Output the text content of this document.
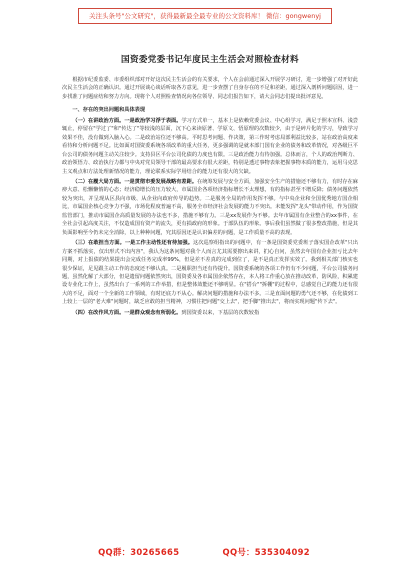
关注头条号"公文研究"，获得最新最全最专业的公文资料库！ 微信：gongwenyj
国资委党委书记年度民主生活会对照检查材料

根据市纪委监委、市委组织部对开好这次民主生活会的有关要求，个人在会前通过深入开展学习研讨，进一步增强了对开好此次民主生活会的正确认识。通过开展谈心谈话听取各方意见，进一步查摆了自身存在的不足和差距，通过深入剖析问题原因，进一步找准了问题症结和努力方向。现将个人对照检查情况向各位领导、同志们报告如下，请大会同志们提出批评意见。

一、存在的突出问题和具体表现

（一）在讲政治方面。一是政治学习浮于表面。学习方式单一，基本上是依赖党委会议、中心组学习，满足于照本宣科、浅尝辄止，停留在"学过了"和"传达了"等较浅的层面，沉下心来读原著、学原文、悟原理的次数较少，由于是碎片化的学习，导致学习效果不佳，没有做到入脑入心。二是政治站位还不够高。平时思考问题、作决策，第三作时考虑局部利益比较多，站在政治高度来看待和分析问题不足。比如面对国资委系统各项改革的重大任务，更多强调的是就本部门国有企业的债务和改革情况，对各级巨平台公司的债务问题主动关注较少。支持县区平台公司化债的力度也有限。三是政治能力有待加强。总体而言，个人的政治判断力、政治领悟力、政治执行力都与中央对党员领导干部的最高要求有很大差距，特别是透过事物表象把握事物本质的能力，运用马克思主义观点和方法处理新情况的能力，理论联系实际学用结合的能力还有很大的欠缺。

（二）在履大局方面。一是贯彻市委发展战略有差距。在统筹发展与安全方面，加强安全生产的措施还不够有力，有时存在麻痹大意、松懈懒惰的心态；经济稳增长的压力较大，市属国企各项经济指标增长不太理想，有的指标甚至不增反降；债务问题依然较为突出，并呈现从区县向市级、从企业向政府传导的趋势。二是服务全局的作用发挥不够。与中央企业和全国优秀地方国企相比，市属国企核心竞争力不强，市场化程度普遍不高，服务全市经济社会发展的能力不突出。未能发挥"龙头"带动作用，作为国资监管部门，推动市属国企高质量发展的办法也不多，措施不够有力。三是xx发展作为不够。去年市属国有企业整合的xx事件，在全社会引起高度关注，不仅造成国有资产的流失，更有损政府的形象。于部队伍的形象。事后我们虽然做了很多整改措施，但是其负面影响至今仍未完全消除，以上种种问题，究其原因还是认识偏差的问题，是工作质量不高的表现。

（三）在敢担当方面。一是工作主动性还有待加强。这次巡察组指出的问题中，有一条是国资委党委班子落实国企改革"只出方案不抓落实，仅出形式不出内容"，我认为这条问题对我个人而言尤其需要擦出来讲，扪心自问，虽然去年国有企业扭亏比去年同期，对上报债的结果提出会完成任务完成率99%，但是差不差真的完成到位了，是不是真正发挥实效了。我到相关部门核实也很少保证，足见跟主动工作的态度还不够认真。二是履职担当还有待提升。国资委系统的各项工作仍有不少问题，平台公司债务问题，虽然化解了大部分，但是遗留问题依然突出，国资委及各市属国企依然存在，本人将工作重心放在推动改革，防风险，积累建设专业化工作上，虽然出台了一系列的工作举措，但是整体效能还不够明显。在"搭台""拆棚"的过程中，总感觉自己的能力还有很大的不足，面对一个全新的工作领域，有时还底力不从心。解决问题的措施和办法不多。三是直面问题的勇气还不够，在化债到工上较上一层的"老大难"问题时，缺乏应敢的担当精神，习惯往把问题"交上去"，把手脚"推出去"，将而实现问题"传下去"。

（四）在改作风方面。一是群众观念有所弱化。到国资委以来，下基层的次数较指

QQ群：30265665	QQ号：535304092
